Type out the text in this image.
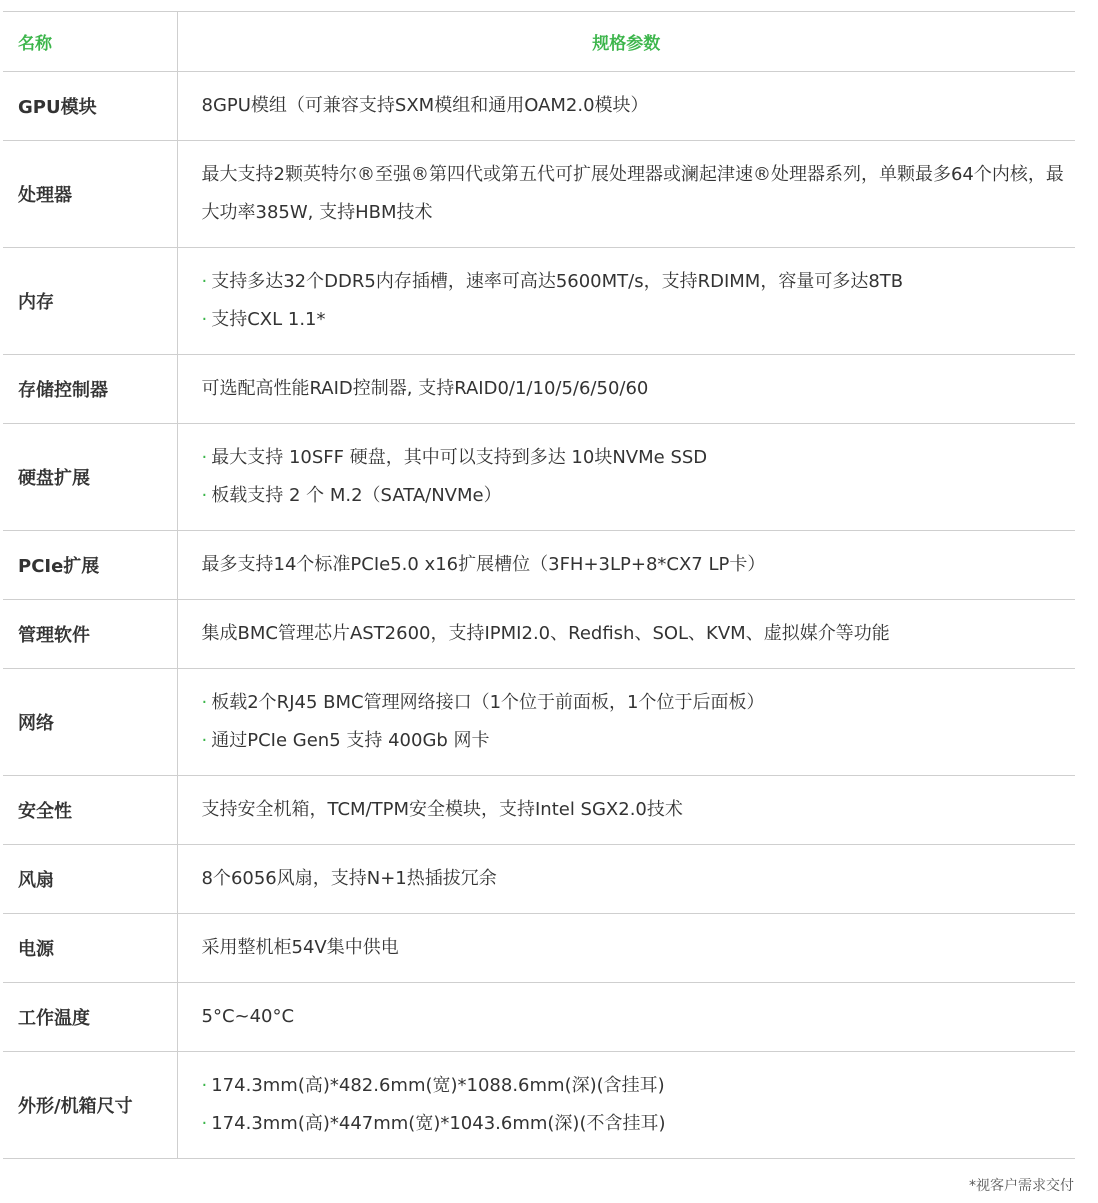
名称	规格参数
GPU模块	8GPU模组（可兼容支持SXM模组和通用OAM2.0模块）

处理器	最大支持2颗英特尔®至强®第四代或第五代可扩展处理器或澜起津速®处理器系列，单颗最多64个内核，最大功率385W, 支持HBM技术

内存	· 支持多达32个DDR5内存插槽，速率可高达5600MT/s，支持RDIMM，容量可多达8TB
· 支持CXL 1.1*

存储控制器	可选配高性能RAID控制器, 支持RAID0/1/10/5/6/50/60

硬盘扩展	· 最大支持 10SFF 硬盘，其中可以支持到多达 10块NVMe SSD
· 板载支持 2 个 M.2（SATA/NVMe）

PCIe扩展	最多支持14个标准PCIe5.0 x16扩展槽位（3FH+3LP+8*CX7 LP卡）

管理软件	集成BMC管理芯片AST2600，支持IPMI2.0、Redfish、SOL、KVM、虚拟媒介等功能

网络	· 板载2个RJ45 BMC管理网络接口（1个位于前面板，1个位于后面板）
· 通过PCIe Gen5 支持 400Gb 网卡

安全性	支持安全机箱，TCM/TPM安全模块，支持Intel SGX2.0技术

风扇	8个6056风扇，支持N+1热插拔冗余

电源	采用整机柜54V集中供电

工作温度	5°C~40°C

外形/机箱尺寸	· 174.3mm(高)*482.6mm(宽)*1088.6mm(深)(含挂耳)
· 174.3mm(高)*447mm(宽)*1043.6mm(深)(不含挂耳)
*视客户需求交付
